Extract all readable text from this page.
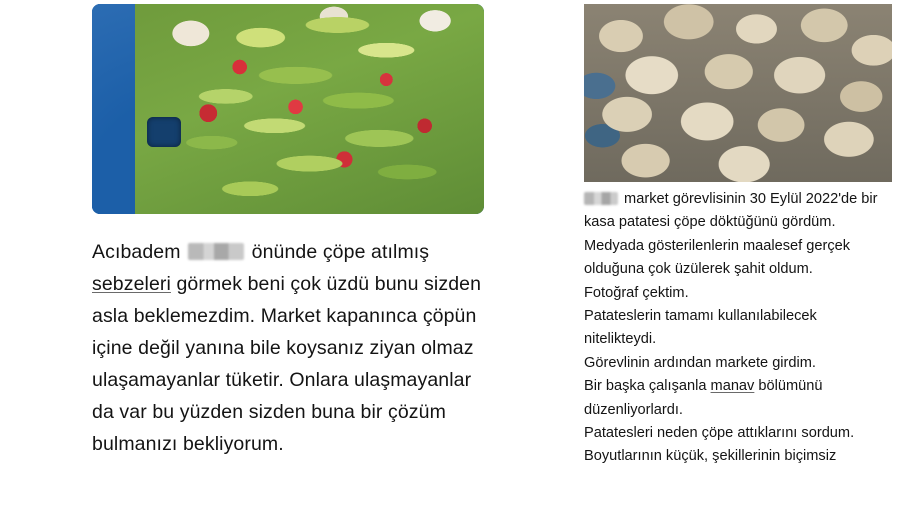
Acıbadem	önünde çöpe atılmış sebzeleri görmek beni çok üzdü bunu sizden asla beklemezdim. Market kapanınca çöpün içine değil yanına bile koysanız ziyan olmaz ulaşamayanlar tüketir. Onlara ulaşmayanlar da var bu yüzden sizden buna bir çözüm bulmanızı bekliyorum.

market görevlisinin 30 Eylül 2022'de bir kasa patatesi çöpe döktüğünü gördüm.

Medyada gösterilenlerin maalesef gerçek olduğuna çok üzülerek şahit oldum.

Fotoğraf çektim.

Patateslerin tamamı kullanılabilecek nitelikteydi.

Görevlinin ardından markete girdim.

Bir başka çalışanla manav bölümünü düzenliyorlardı.

Patatesleri neden çöpe attıklarını sordum.

Boyutlarının küçük, şekillerinin biçimsiz
